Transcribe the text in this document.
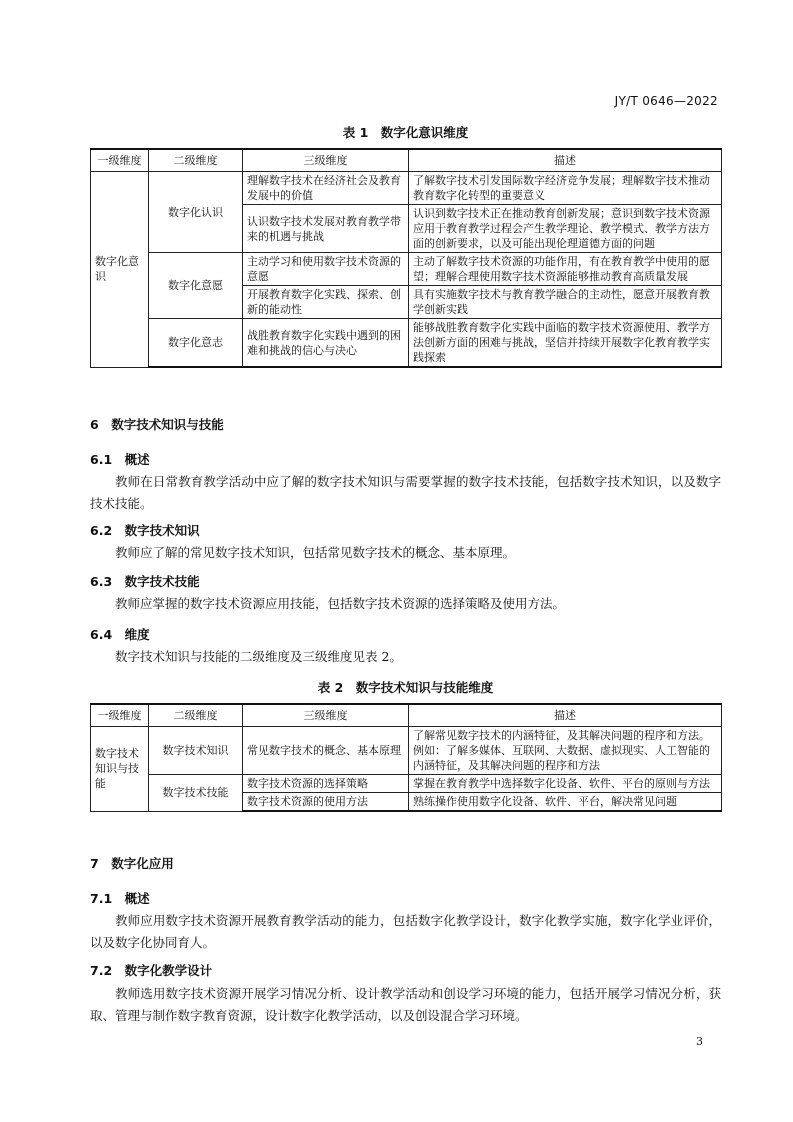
JY/T 0646—2022
表 1　数字化意识维度
一级维度	二级维度	三级维度	描述
数字化意识	数字化认识	理解数字技术在经济社会及教育发展中的价值	了解数字技术引发国际数字经济竞争发展；理解数字技术推动教育数字化转型的重要意义
		认识数字技术发展对教育教学带来的机遇与挑战	认识到数字技术正在推动教育创新发展；意识到数字技术资源应用于教育教学过程会产生教学理论、教学模式、教学方法方面的创新要求，以及可能出现伦理道德方面的问题
	数字化意愿	主动学习和使用数字技术资源的意愿	主动了解数字技术资源的功能作用，有在教育教学中使用的愿望；理解合理使用数字技术资源能够推动教育高质量发展
		开展教育数字化实践、探索、创新的能动性	具有实施数字技术与教育教学融合的主动性，愿意开展教育教学创新实践
	数字化意志	战胜教育数字化实践中遇到的困难和挑战的信心与决心	能够战胜教育数字化实践中面临的数字技术资源使用、教学方法创新方面的困难与挑战，坚信并持续开展数字化教育教学实践探索
6　数字技术知识与技能
6.1　概述
教师在日常教育教学活动中应了解的数字技术知识与需要掌握的数字技术技能，包括数字技术知识，以及数字技术技能。
6.2　数字技术知识
教师应了解的常见数字技术知识，包括常见数字技术的概念、基本原理。
6.3　数字技术技能
教师应掌握的数字技术资源应用技能，包括数字技术资源的选择策略及使用方法。
6.4　维度
数字技术知识与技能的二级维度及三级维度见表 2。
表 2　数字技术知识与技能维度
一级维度	二级维度	三级维度	描述
数字技术知识与技能	数字技术知识	常见数字技术的概念、基本原理	了解常见数字技术的内涵特征，及其解决问题的程序和方法。例如：了解多媒体、互联网、大数据、虚拟现实、人工智能的内涵特征，及其解决问题的程序和方法
	数字技术技能	数字技术资源的选择策略	掌握在教育教学中选择数字化设备、软件、平台的原则与方法
		数字技术资源的使用方法	熟练操作使用数字化设备、软件、平台，解决常见问题
7　数字化应用
7.1　概述
教师应用数字技术资源开展教育教学活动的能力，包括数字化教学设计，数字化教学实施，数字化学业评价，以及数字化协同育人。
7.2　数字化教学设计
教师选用数字技术资源开展学习情况分析、设计教学活动和创设学习环境的能力，包括开展学习情况分析，获取、管理与制作数字教育资源，设计数字化教学活动，以及创设混合学习环境。
3
